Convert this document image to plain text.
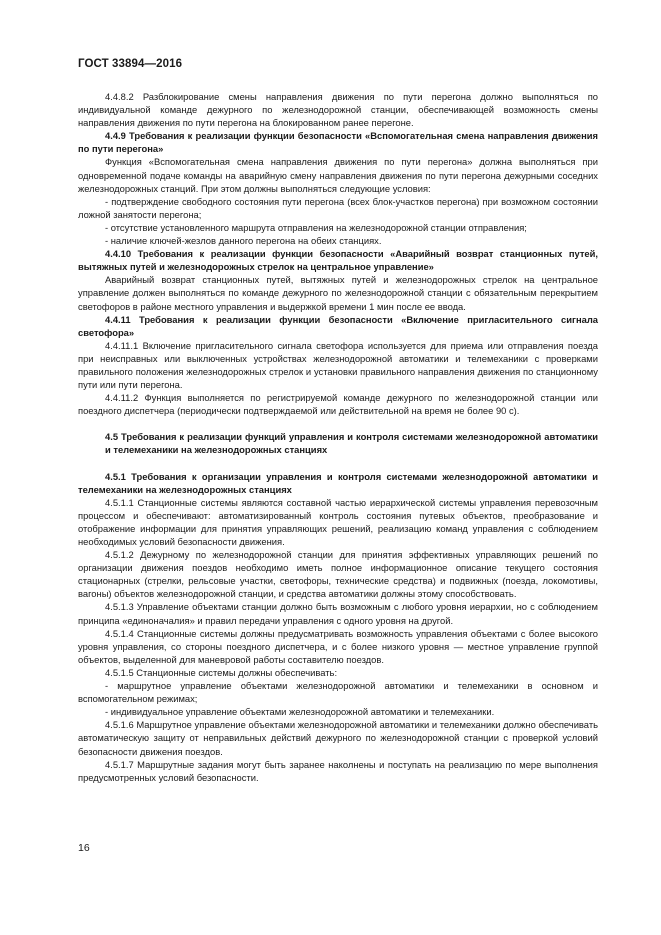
ГОСТ 33894—2016

4.4.8.2 Разблокирование смены направления движения по пути перегона должно выполняться по индивидуальной команде дежурного по железнодорожной станции, обеспечивающей возможность смены направления движения по пути перегона на блокированном ранее перегоне.

4.4.9 Требования к реализации функции безопасности «Вспомогательная смена направления движения по пути перегона»

Функция «Вспомогательная смена направления движения по пути перегона» должна выполняться при одновременной подаче команды на аварийную смену направления движения по пути перегона дежурными соседних железнодорожных станций. При этом должны выполняться следующие условия:

- подтверждение свободного состояния пути перегона (всех блок-участков перегона) при возможном состоянии ложной занятости перегона;

- отсутствие установленного маршрута отправления на железнодорожной станции отправления;

- наличие ключей-жезлов данного перегона на обеих станциях.

4.4.10 Требования к реализации функции безопасности «Аварийный возврат станционных путей, вытяжных путей и железнодорожных стрелок на центральное управление»

Аварийный возврат станционных путей, вытяжных путей и железнодорожных стрелок на центральное управление должен выполняться по команде дежурного по железнодорожной станции с обязательным перекрытием светофоров в районе местного управления и выдержкой времени 1 мин после ее ввода.

4.4.11 Требования к реализации функции безопасности «Включение пригласительного сигнала светофора»

4.4.11.1 Включение пригласительного сигнала светофора используется для приема или отправления поезда при неисправных или выключенных устройствах железнодорожной автоматики и телемеханики с проверками правильного положения железнодорожных стрелок и установки правильного направления движения по станционному пути или пути перегона.

4.4.11.2 Функция выполняется по регистрируемой команде дежурного по железнодорожной станции или поездного диспетчера (периодически подтверждаемой или действительной на время не более 90 с).

4.5 Требования к реализации функций управления и контроля системами железнодорожной автоматики и телемеханики на железнодорожных станциях

4.5.1 Требования к организации управления и контроля системами железнодорожной автоматики и телемеханики на железнодорожных станциях

4.5.1.1 Станционные системы являются составной частью иерархической системы управления перевозочным процессом и обеспечивают: автоматизированный контроль состояния путевых объектов, преобразование и отображение информации для принятия управляющих решений, реализацию команд управления с соблюдением необходимых условий безопасности движения.

4.5.1.2 Дежурному по железнодорожной станции для принятия эффективных управляющих решений по организации движения поездов необходимо иметь полное информационное описание текущего состояния стационарных (стрелки, рельсовые участки, светофоры, технические средства) и подвижных (поезда, локомотивы, вагоны) объектов железнодорожной станции, и средства автоматики должны этому способствовать.

4.5.1.3 Управление объектами станции должно быть возможным с любого уровня иерархии, но с соблюдением принципа «единоначалия» и правил передачи управления с одного уровня на другой.

4.5.1.4 Станционные системы должны предусматривать возможность управления объектами с более высокого уровня управления, со стороны поездного диспетчера, и с более низкого уровня — местное управление группой объектов, выделенной для маневровой работы составителю поездов.

4.5.1.5 Станционные системы должны обеспечивать:

- маршрутное управление объектами железнодорожной автоматики и телемеханики в основном и вспомогательном режимах;

- индивидуальное управление объектами железнодорожной автоматики и телемеханики.

4.5.1.6 Маршрутное управление объектами железнодорожной автоматики и телемеханики должно обеспечивать автоматическую защиту от неправильных действий дежурного по железнодорожной станции с проверкой условий безопасности движения поездов.

4.5.1.7 Маршрутные задания могут быть заранее наколнены и поступать на реализацию по мере выполнения предусмотренных условий безопасности.

16
